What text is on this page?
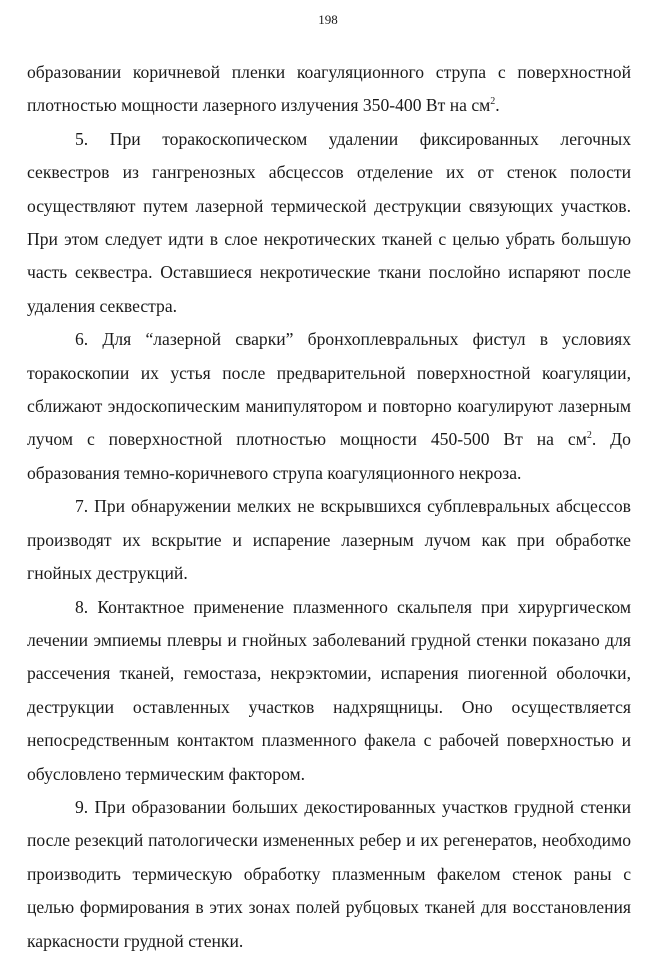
198

образовании коричневой пленки коагуляционного струпа с поверхностной плотностью мощности лазерного излучения 350-400 Вт на $см^2$.

5. При торакоскопическом удалении фиксированных легочных секвестров из гангренозных абсцессов отделение их от стенок полости осуществляют путем лазерной термической деструкции связующих участков. При этом следует идти в слое некротических тканей с целью убрать большую часть секвестра. Оставшиеся некротические ткани послойно испаряют после удаления секвестра.

6. Для “лазерной сварки” бронхоплевральных фистул в условиях торакоскопии их устья после предварительной поверхностной коагуляции, сближают эндоскопическим манипулятором и повторно коагулируют лазерным лучом с поверхностной плотностью мощности 450-500 Вт на $см^2$. До образования темно-коричневого струпа коагуляционного некроза.

7. При обнаружении мелких не вскрывшихся субплевральных абсцессов производят их вскрытие и испарение лазерным лучом как при обработке гнойных деструкций.

8. Контактное применение плазменного скальпеля при хирургическом лечении эмпиемы плевры и гнойных заболеваний грудной стенки показано для рассечения тканей, гемостаза, некрэктомии, испарения пиогенной оболочки, деструкции оставленных участков надхрящницы. Оно осуществляется непосредственным контактом плазменного факела с рабочей поверхностью и обусловлено термическим фактором.

9. При образовании больших декостированных участков грудной стенки после резекций патологически измененных ребер и их регенератов, необходимо производить термическую обработку плазменным факелом стенок раны с целью формирования в этих зонах полей рубцовых тканей для восстановления каркасности грудной стенки.
